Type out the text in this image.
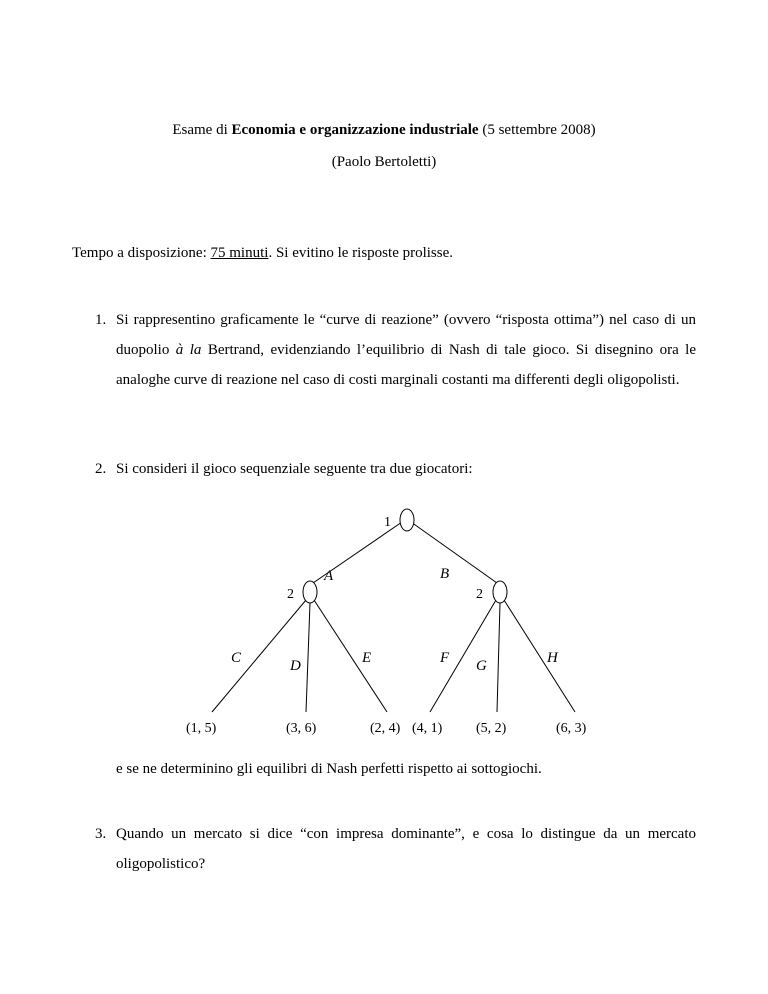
Esame di Economia e organizzazione industriale (5 settembre 2008)
(Paolo Bertoletti)
Tempo a disposizione: 75 minuti. Si evitino le risposte prolisse.
1. Si rappresentino graficamente le “curve di reazione” (ovvero “risposta ottima”) nel caso di un duopolio à la Bertrand, evidenziando l’equilibrio di Nash di tale gioco. Si disegnino ora le analoghe curve di reazione nel caso di costi marginali costanti ma differenti degli oligopolisti.
2. Si consideri il gioco sequenziale seguente tra due giocatori:
1
2	2
A	B
C	D	E	F G	H
(1, 5)	(3, 6)	(2, 4) (4, 1) (5, 2)	(6, 3)
e se ne determinino gli equilibri di Nash perfetti rispetto ai sottogiochi.
3. Quando un mercato si dice “con impresa dominante”, e cosa lo distingue da un mercato oligopolistico?
